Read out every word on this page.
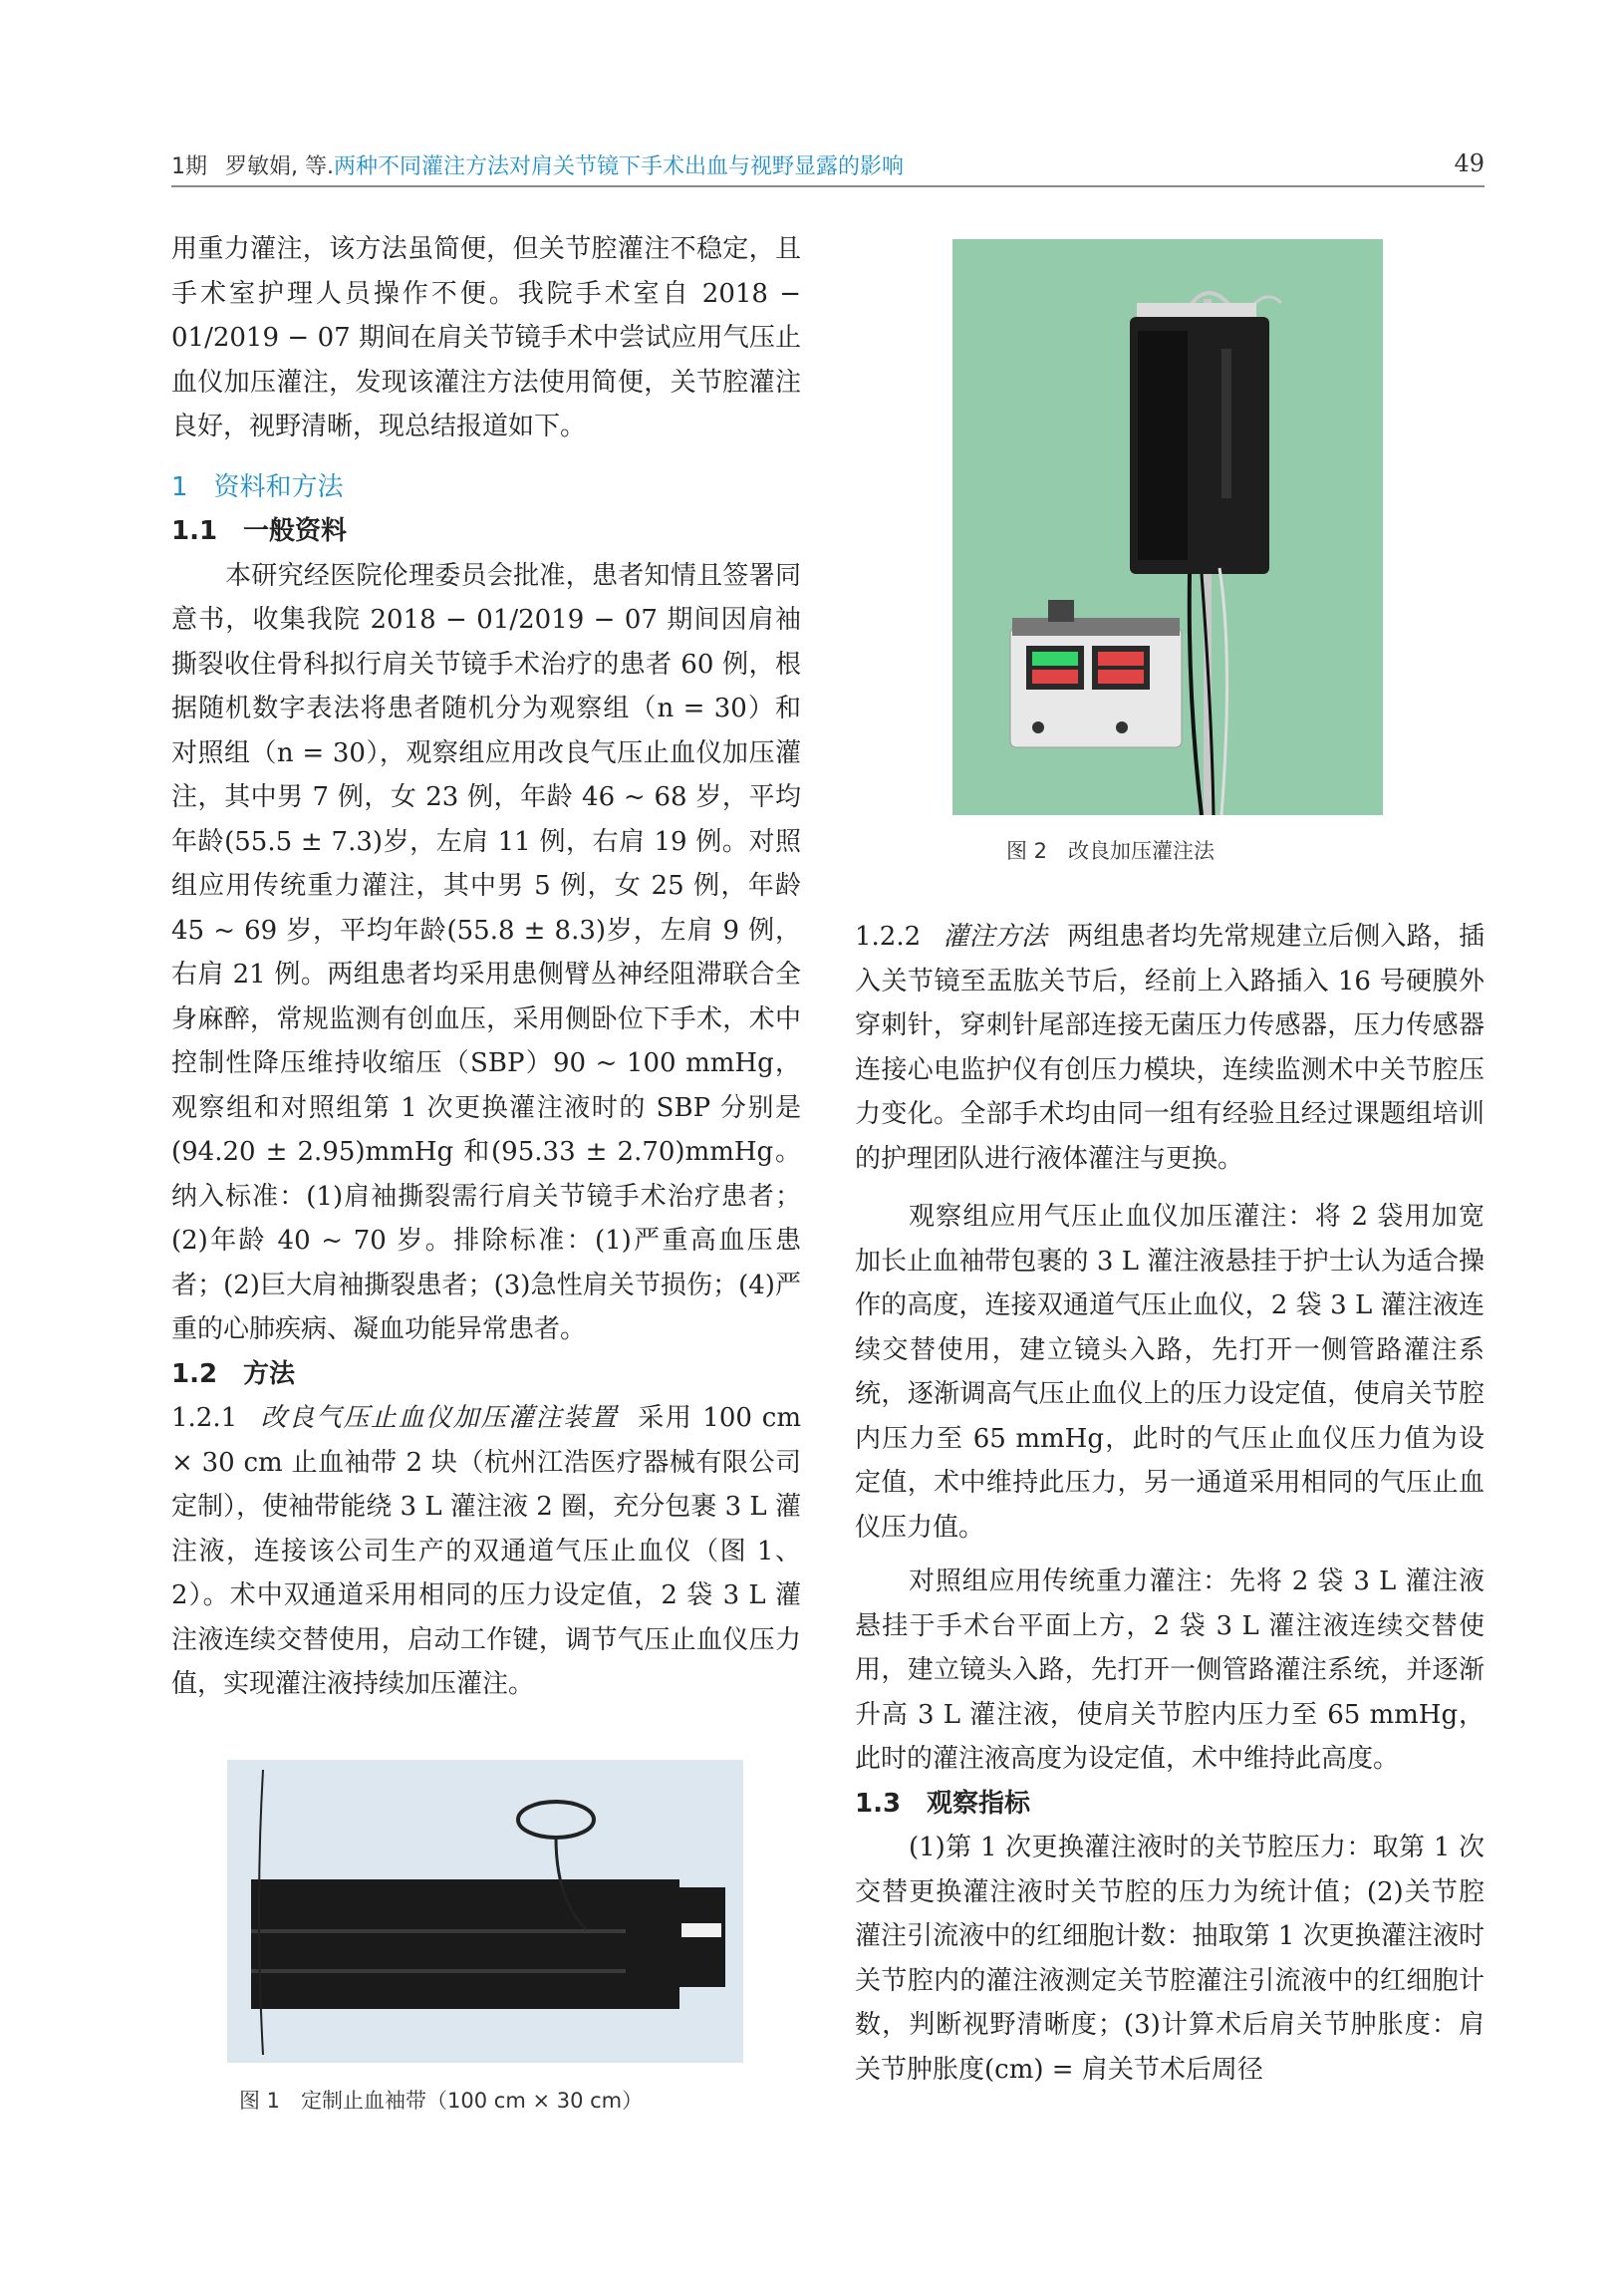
1期 罗敏娟, 等.两种不同灌注方法对肩关节镜下手术出血与视野显露的影响	49

用重力灌注，该方法虽简便，但关节腔灌注不稳定，且手术室护理人员操作不便。我院手术室自 2018 − 01/2019 − 07 期间在肩关节镜手术中尝试应用气压止血仪加压灌注，发现该灌注方法使用简便，关节腔灌注良好，视野清晰，现总结报道如下。

1　资料和方法
1.1　一般资料

本研究经医院伦理委员会批准，患者知情且签署同意书，收集我院 2018 − 01/2019 − 07 期间因肩袖撕裂收住骨科拟行肩关节镜手术治疗的患者 60 例，根据随机数字表法将患者随机分为观察组（n = 30）和对照组（n = 30），观察组应用改良气压止血仪加压灌注，其中男 7 例，女 23 例，年龄 46 ~ 68 岁，平均年龄(55.5 ± 7.3)岁，左肩 11 例，右肩 19 例。对照组应用传统重力灌注，其中男 5 例，女 25 例，年龄 45 ~ 69 岁，平均年龄(55.8 ± 8.3)岁，左肩 9 例，右肩 21 例。两组患者均采用患侧臂丛神经阻滞联合全身麻醉，常规监测有创血压，采用侧卧位下手术，术中控制性降压维持收缩压（SBP）90 ~ 100 mmHg，观察组和对照组第 1 次更换灌注液时的 SBP 分别是(94.20 ± 2.95)mmHg 和(95.33 ± 2.70)mmHg。纳入标准：(1)肩袖撕裂需行肩关节镜手术治疗患者；(2)年龄 40 ~ 70 岁。排除标准：(1)严重高血压患者；(2)巨大肩袖撕裂患者；(3)急性肩关节损伤；(4)严重的心肺疾病、凝血功能异常患者。

1.2　方法

1.2.1 改良气压止血仪加压灌注装置 采用 100 cm × 30 cm 止血袖带 2 块（杭州江浩医疗器械有限公司定制），使袖带能绕 3 L 灌注液 2 圈，充分包裹 3 L 灌注液，连接该公司生产的双通道气压止血仪（图 1、2）。术中双通道采用相同的压力设定值，2 袋 3 L 灌注液连续交替使用，启动工作键，调节气压止血仪压力值，实现灌注液持续加压灌注。

图 2　改良加压灌注法

1.2.2 灌注方法 两组患者均先常规建立后侧入路，插入关节镜至盂肱关节后，经前上入路插入 16 号硬膜外穿刺针，穿刺针尾部连接无菌压力传感器，压力传感器连接心电监护仪有创压力模块，连续监测术中关节腔压力变化。全部手术均由同一组有经验且经过课题组培训的护理团队进行液体灌注与更换。

观察组应用气压止血仪加压灌注：将 2 袋用加宽加长止血袖带包裹的 3 L 灌注液悬挂于护士认为适合操作的高度，连接双通道气压止血仪，2 袋 3 L 灌注液连续交替使用，建立镜头入路，先打开一侧管路灌注系统，逐渐调高气压止血仪上的压力设定值，使肩关节腔内压力至 65 mmHg，此时的气压止血仪压力值为设定值，术中维持此压力，另一通道采用相同的气压止血仪压力值。

对照组应用传统重力灌注：先将 2 袋 3 L 灌注液悬挂于手术台平面上方，2 袋 3 L 灌注液连续交替使用，建立镜头入路，先打开一侧管路灌注系统，并逐渐升高 3 L 灌注液，使肩关节腔内压力至 65 mmHg，此时的灌注液高度为设定值，术中维持此高度。

1.3　观察指标

(1)第 1 次更换灌注液时的关节腔压力：取第 1 次交替更换灌注液时关节腔的压力为统计值；(2)关节腔灌注引流液中的红细胞计数：抽取第 1 次更换灌注液时关节腔内的灌注液测定关节腔灌注引流液中的红细胞计数，判断视野清晰度；(3)计算术后肩关节肿胀度：肩关节肿胀度(cm) = 肩关节术后周径

图 1　定制止血袖带（100 cm × 30 cm）
